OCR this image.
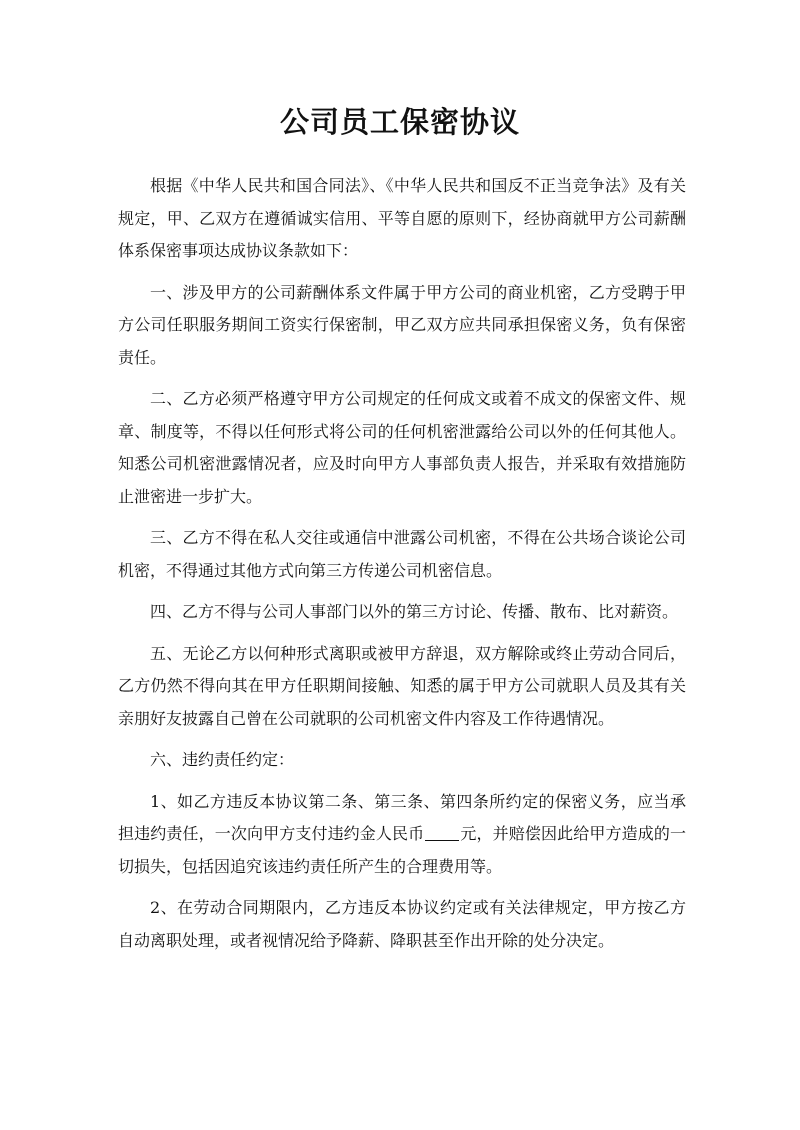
公司员工保密协议

根据《中华人民共和国合同法》、《中华人民共和国反不正当竞争法》及有关规定，甲、乙双方在遵循诚实信用、平等自愿的原则下，经协商就甲方公司薪酬体系保密事项达成协议条款如下：

一、涉及甲方的公司薪酬体系文件属于甲方公司的商业机密，乙方受聘于甲方公司任职服务期间工资实行保密制，甲乙双方应共同承担保密义务，负有保密责任。

二、乙方必须严格遵守甲方公司规定的任何成文或着不成文的保密文件、规章、制度等，不得以任何形式将公司的任何机密泄露给公司以外的任何其他人。知悉公司机密泄露情况者，应及时向甲方人事部负责人报告，并采取有效措施防止泄密进一步扩大。

三、乙方不得在私人交往或通信中泄露公司机密，不得在公共场合谈论公司机密，不得通过其他方式向第三方传递公司机密信息。

四、乙方不得与公司人事部门以外的第三方讨论、传播、散布、比对薪资。

五、无论乙方以何种形式离职或被甲方辞退，双方解除或终止劳动合同后，乙方仍然不得向其在甲方任职期间接触、知悉的属于甲方公司就职人员及其有关亲朋好友披露自己曾在公司就职的公司机密文件内容及工作待遇情况。

六、违约责任约定：

1、如乙方违反本协议第二条、第三条、第四条所约定的保密义务，应当承担违约责任，一次向甲方支付违约金人民币 元，并赔偿因此给甲方造成的一切损失，包括因追究该违约责任所产生的合理费用等。

2、在劳动合同期限内，乙方违反本协议约定或有关法律规定，甲方按乙方自动离职处理，或者视情况给予降薪、降职甚至作出开除的处分决定。
